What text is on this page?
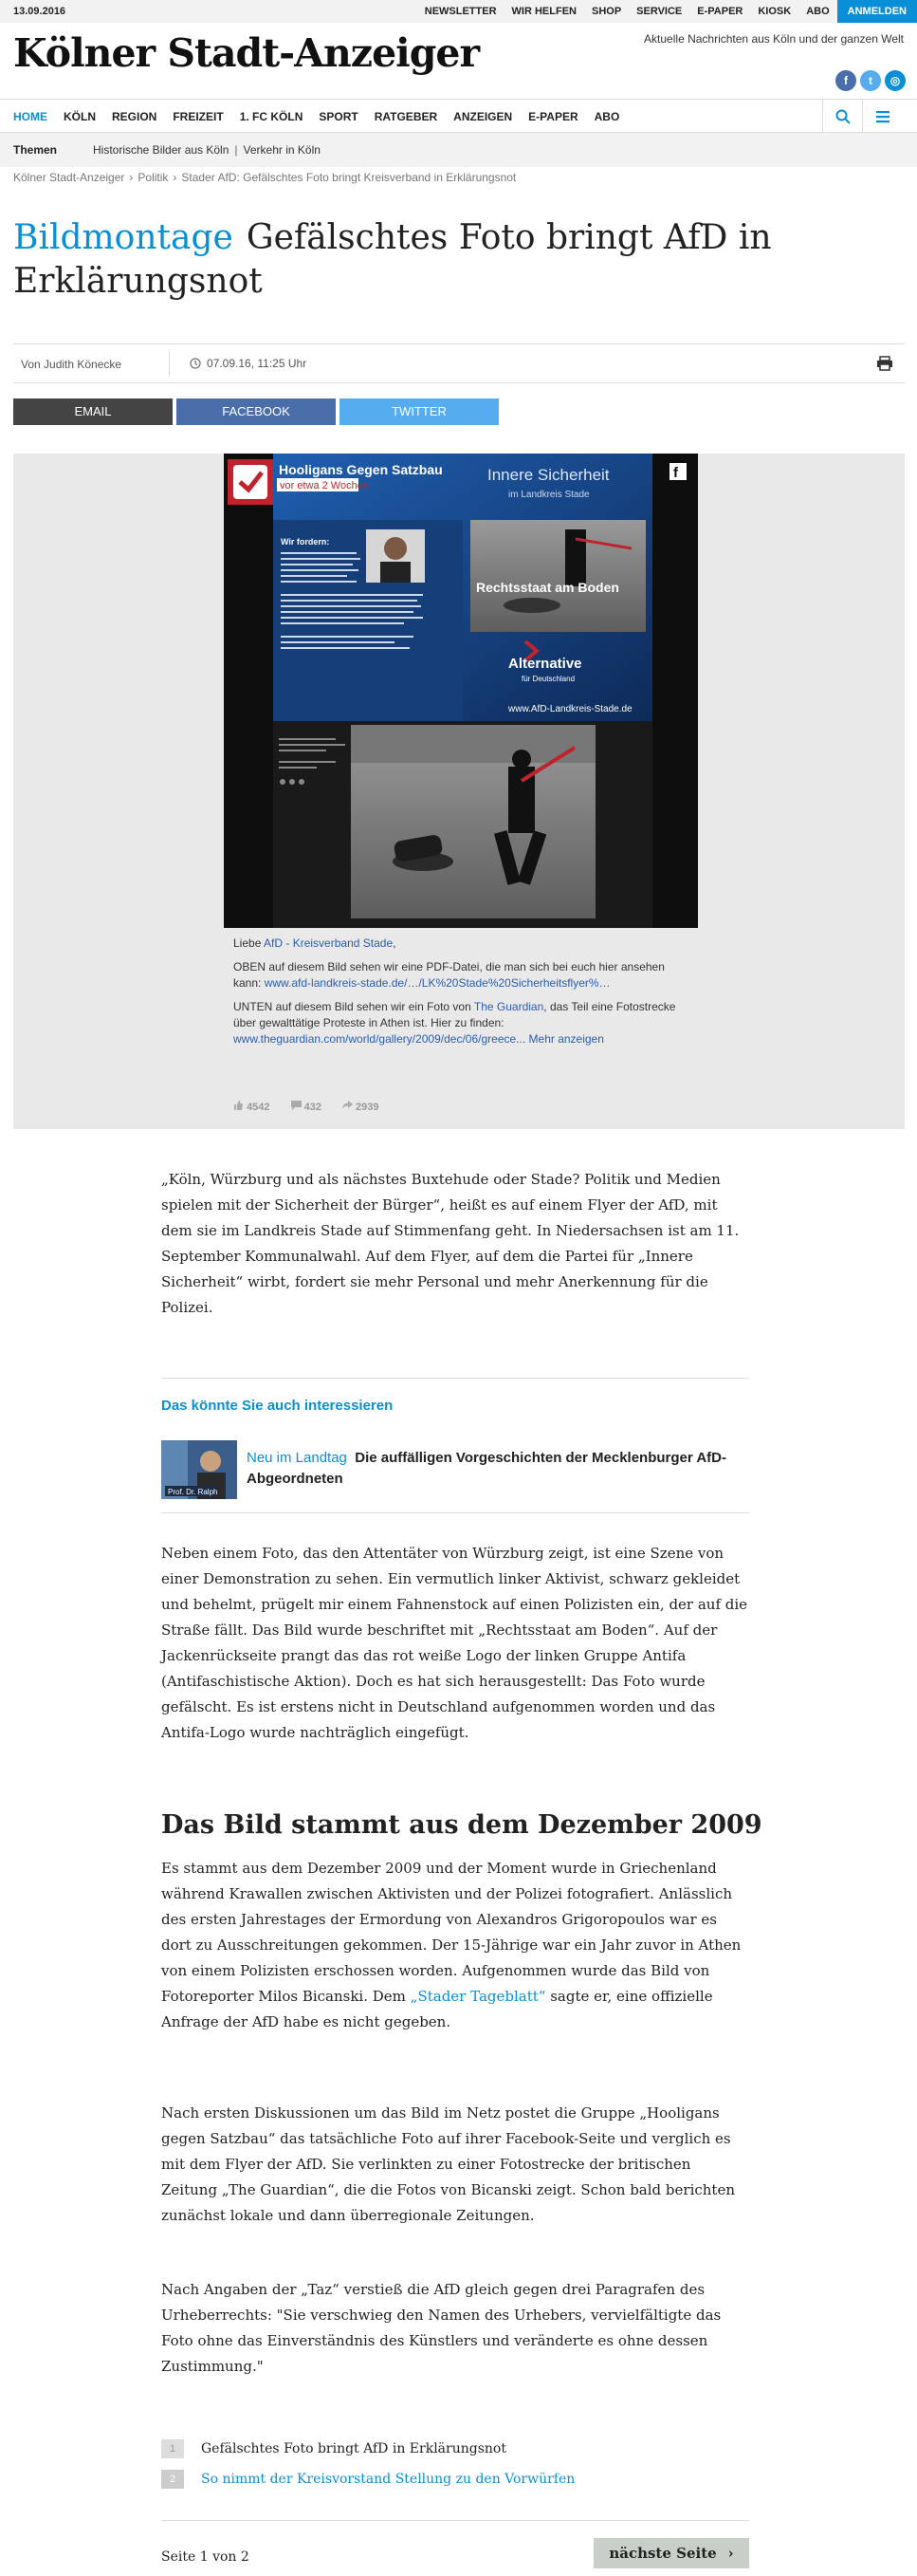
13.09.2016	NEWSLETTER WIR HELFEN SHOP SERVICE E-PAPER KIOSK ABO	ANMELDEN
Kölner Stadt-Anzeiger	Aktuelle Nachrichten aus Köln und der ganzen Welt
f	t	◎
HOME KÖLN REGION FREIZEIT 1. FC KÖLN SPORT RATGEBER ANZEIGEN E-PAPER ABO
Themen	Historische Bilder aus Köln | Verkehr in Köln
Kölner Stadt-Anzeiger › Politik › Stader AfD: Gefälschtes Foto bringt Kreisverband in Erklärungsnot
Bildmontage Gefälschtes Foto bringt AfD in Erklärungsnot
Von Judith Könecke	07.09.16, 11:25 Uhr
EMAIL	FACEBOOK	TWITTER
Hooligans Gegen Satzbau
vor etwa 2 Wochen
Wir fordern:
Innere Sicherheit
im Landkreis Stade
f
Rechtsstaat am Boden
Alternative
für Deutschland
www.AfD-Landkreis-Stade.de

Liebe AfD - Kreisverband Stade,

OBEN auf diesem Bild sehen wir eine PDF-Datei, die man sich bei euch hier ansehen kann: www.afd-landkreis-stade.de/…/LK%20Stade%20Sicherheitsflyer%…

UNTEN auf diesem Bild sehen wir ein Foto von The Guardian, das Teil eine Fotostrecke über gewalttätige Proteste in Athen ist. Hier zu finden: www.theguardian.com/world/gallery/2009/dec/06/greece... Mehr anzeigen

4542	432	2939

„Köln, Würzburg und als nächstes Buxtehude oder Stade? Politik und Medien spielen mit der Sicherheit der Bürger“, heißt es auf einem Flyer der AfD, mit dem sie im Landkreis Stade auf Stimmenfang geht. In Niedersachsen ist am 11. September Kommunalwahl. Auf dem Flyer, auf dem die Partei für „Innere Sicherheit“ wirbt, fordert sie mehr Personal und mehr Anerkennung für die Polizei.

Das könnte Sie auch interessieren
Prof. Dr. Ralph
Neu im Landtag Die auffälligen Vorgeschichten der Mecklenburger AfD-Abgeordneten

Neben einem Foto, das den Attentäter von Würzburg zeigt, ist eine Szene von einer Demonstration zu sehen. Ein vermutlich linker Aktivist, schwarz gekleidet und behelmt, prügelt mir einem Fahnenstock auf einen Polizisten ein, der auf die Straße fällt. Das Bild wurde beschriftet mit „Rechtsstaat am Boden“. Auf der Jackenrückseite prangt das das rot weiße Logo der linken Gruppe Antifa (Antifaschistische Aktion). Doch es hat sich herausgestellt: Das Foto wurde gefälscht. Es ist erstens nicht in Deutschland aufgenommen worden und das Antifa-Logo wurde nachträglich eingefügt.

Das Bild stammt aus dem Dezember 2009

Es stammt aus dem Dezember 2009 und der Moment wurde in Griechenland während Krawallen zwischen Aktivisten und der Polizei fotografiert. Anlässlich des ersten Jahrestages der Ermordung von Alexandros Grigoropoulos war es dort zu Ausschreitungen gekommen. Der 15-Jährige war ein Jahr zuvor in Athen von einem Polizisten erschossen worden. Aufgenommen wurde das Bild von Fotoreporter Milos Bicanski. Dem „Stader Tageblatt“ sagte er, eine offizielle Anfrage der AfD habe es nicht gegeben.

Nach ersten Diskussionen um das Bild im Netz postet die Gruppe „Hooligans gegen Satzbau“ das tatsächliche Foto auf ihrer Facebook-Seite und verglich es mit dem Flyer der AfD. Sie verlinkten zu einer Fotostrecke der britischen Zeitung „The Guardian“, die die Fotos von Bicanski zeigt. Schon bald berichten zunächst lokale und dann überregionale Zeitungen.

Nach Angaben der „Taz“ verstieß die AfD gleich gegen drei Paragrafen des Urheberrechts: "Sie verschwieg den Namen des Urhebers, vervielfältigte das Foto ohne das Einverständnis des Künstlers und veränderte es ohne dessen Zustimmung."

1	Gefälschtes Foto bringt AfD in Erklärungsnot
2	So nimmt der Kreisvorstand Stellung zu den Vorwürfen
Seite 1 von 2	nächste Seite ›
